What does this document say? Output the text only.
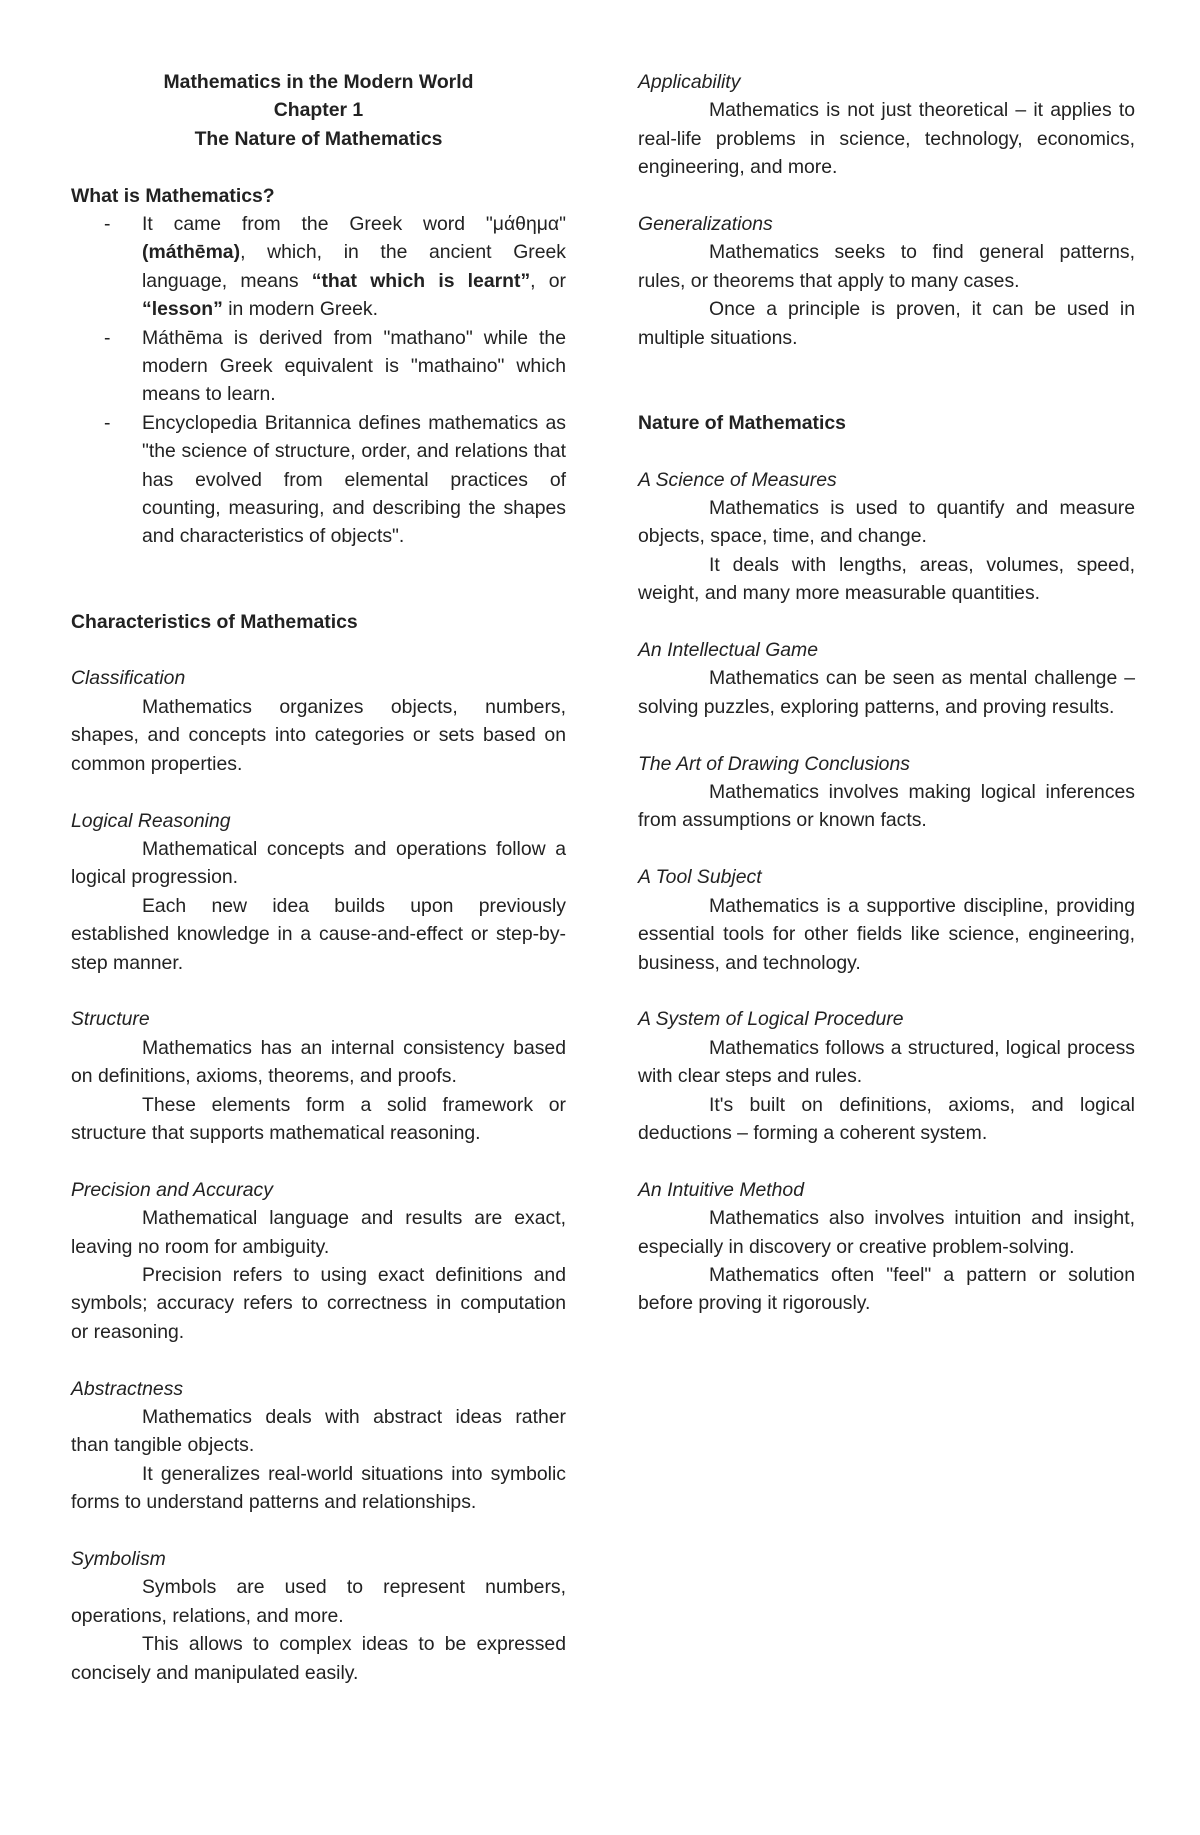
Mathematics in the Modern World

Chapter 1

The Nature of Mathematics

What is Mathematics?

- It came from the Greek word "μάθημα" (máthēma), which, in the ancient Greek language, means “that which is learnt”, or “lesson” in modern Greek.
- Máthēma is derived from "mathano" while the modern Greek equivalent is "mathaino" which means to learn.
- Encyclopedia Britannica defines mathematics as "the science of structure, order, and relations that has evolved from elemental practices of counting, measuring, and describing the shapes and characteristics of objects".

Characteristics of Mathematics

Classification

Mathematics organizes objects, numbers, shapes, and concepts into categories or sets based on common properties.

Logical Reasoning

Mathematical concepts and operations follow a logical progression.

Each new idea builds upon previously established knowledge in a cause-and-effect or step-by-step manner.

Structure

Mathematics has an internal consistency based on definitions, axioms, theorems, and proofs.

These elements form a solid framework or structure that supports mathematical reasoning.

Precision and Accuracy

Mathematical language and results are exact, leaving no room for ambiguity.

Precision refers to using exact definitions and symbols; accuracy refers to correctness in computation or reasoning.

Abstractness

Mathematics deals with abstract ideas rather than tangible objects.

It generalizes real-world situations into symbolic forms to understand patterns and relationships.

Symbolism

Symbols are used to represent numbers, operations, relations, and more.

This allows to complex ideas to be expressed concisely and manipulated easily.

Applicability

Mathematics is not just theoretical – it applies to real-life problems in science, technology, economics, engineering, and more.

Generalizations

Mathematics seeks to find general patterns, rules, or theorems that apply to many cases.

Once a principle is proven, it can be used in multiple situations.

Nature of Mathematics

A Science of Measures

Mathematics is used to quantify and measure objects, space, time, and change.

It deals with lengths, areas, volumes, speed, weight, and many more measurable quantities.

An Intellectual Game

Mathematics can be seen as mental challenge – solving puzzles, exploring patterns, and proving results.

The Art of Drawing Conclusions

Mathematics involves making logical inferences from assumptions or known facts.

A Tool Subject

Mathematics is a supportive discipline, providing essential tools for other fields like science, engineering, business, and technology.

A System of Logical Procedure

Mathematics follows a structured, logical process with clear steps and rules.

It's built on definitions, axioms, and logical deductions – forming a coherent system.

An Intuitive Method

Mathematics also involves intuition and insight, especially in discovery or creative problem-solving.

Mathematics often "feel" a pattern or solution before proving it rigorously.
